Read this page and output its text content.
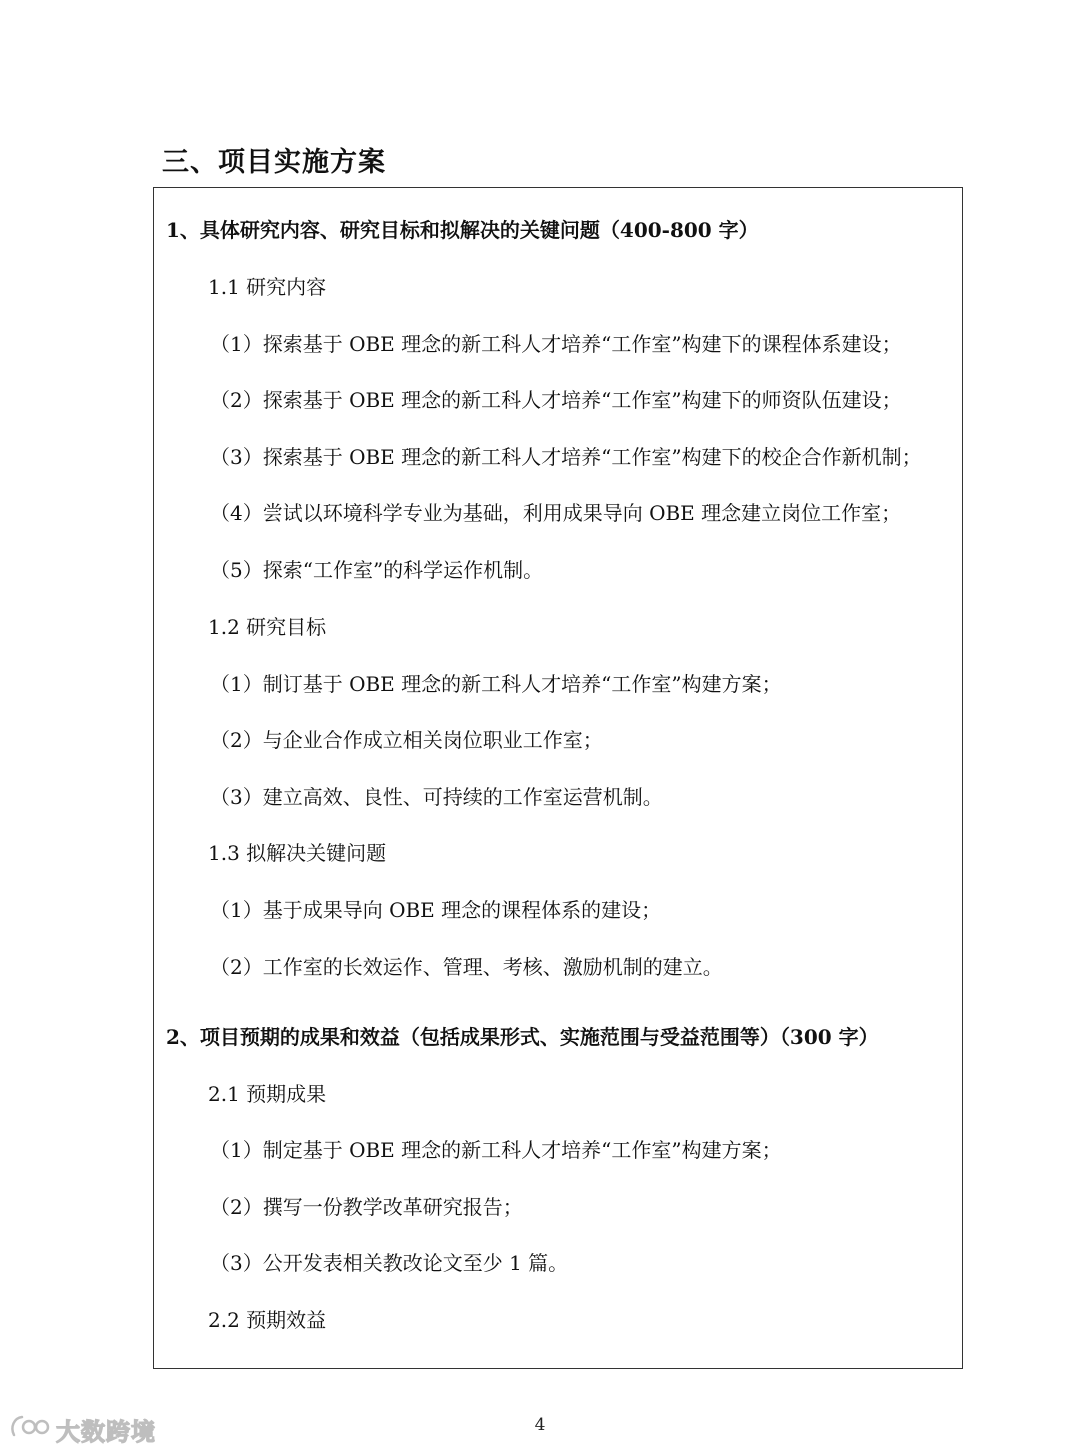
三、项目实施方案
1、具体研究内容、研究目标和拟解决的关键问题（400-800 字）
1.1 研究内容
（1）探索基于 OBE 理念的新工科人才培养“工作室”构建下的课程体系建设；
（2）探索基于 OBE 理念的新工科人才培养“工作室”构建下的师资队伍建设；
（3）探索基于 OBE 理念的新工科人才培养“工作室”构建下的校企合作新机制；
（4）尝试以环境科学专业为基础，利用成果导向 OBE 理念建立岗位工作室；
（5）探索“工作室”的科学运作机制。
1.2 研究目标
（1）制订基于 OBE 理念的新工科人才培养“工作室”构建方案；
（2）与企业合作成立相关岗位职业工作室；
（3）建立高效、良性、可持续的工作室运营机制。
1.3 拟解决关键问题
（1）基于成果导向 OBE 理念的课程体系的建设；
（2）工作室的长效运作、管理、考核、激励机制的建立。
2、项目预期的成果和效益（包括成果形式、实施范围与受益范围等）（300 字）
2.1 预期成果
（1）制定基于 OBE 理念的新工科人才培养“工作室”构建方案；
（2）撰写一份教学改革研究报告；
（3）公开发表相关教改论文至少 1 篇。
2.2 预期效益
4
大数跨境
